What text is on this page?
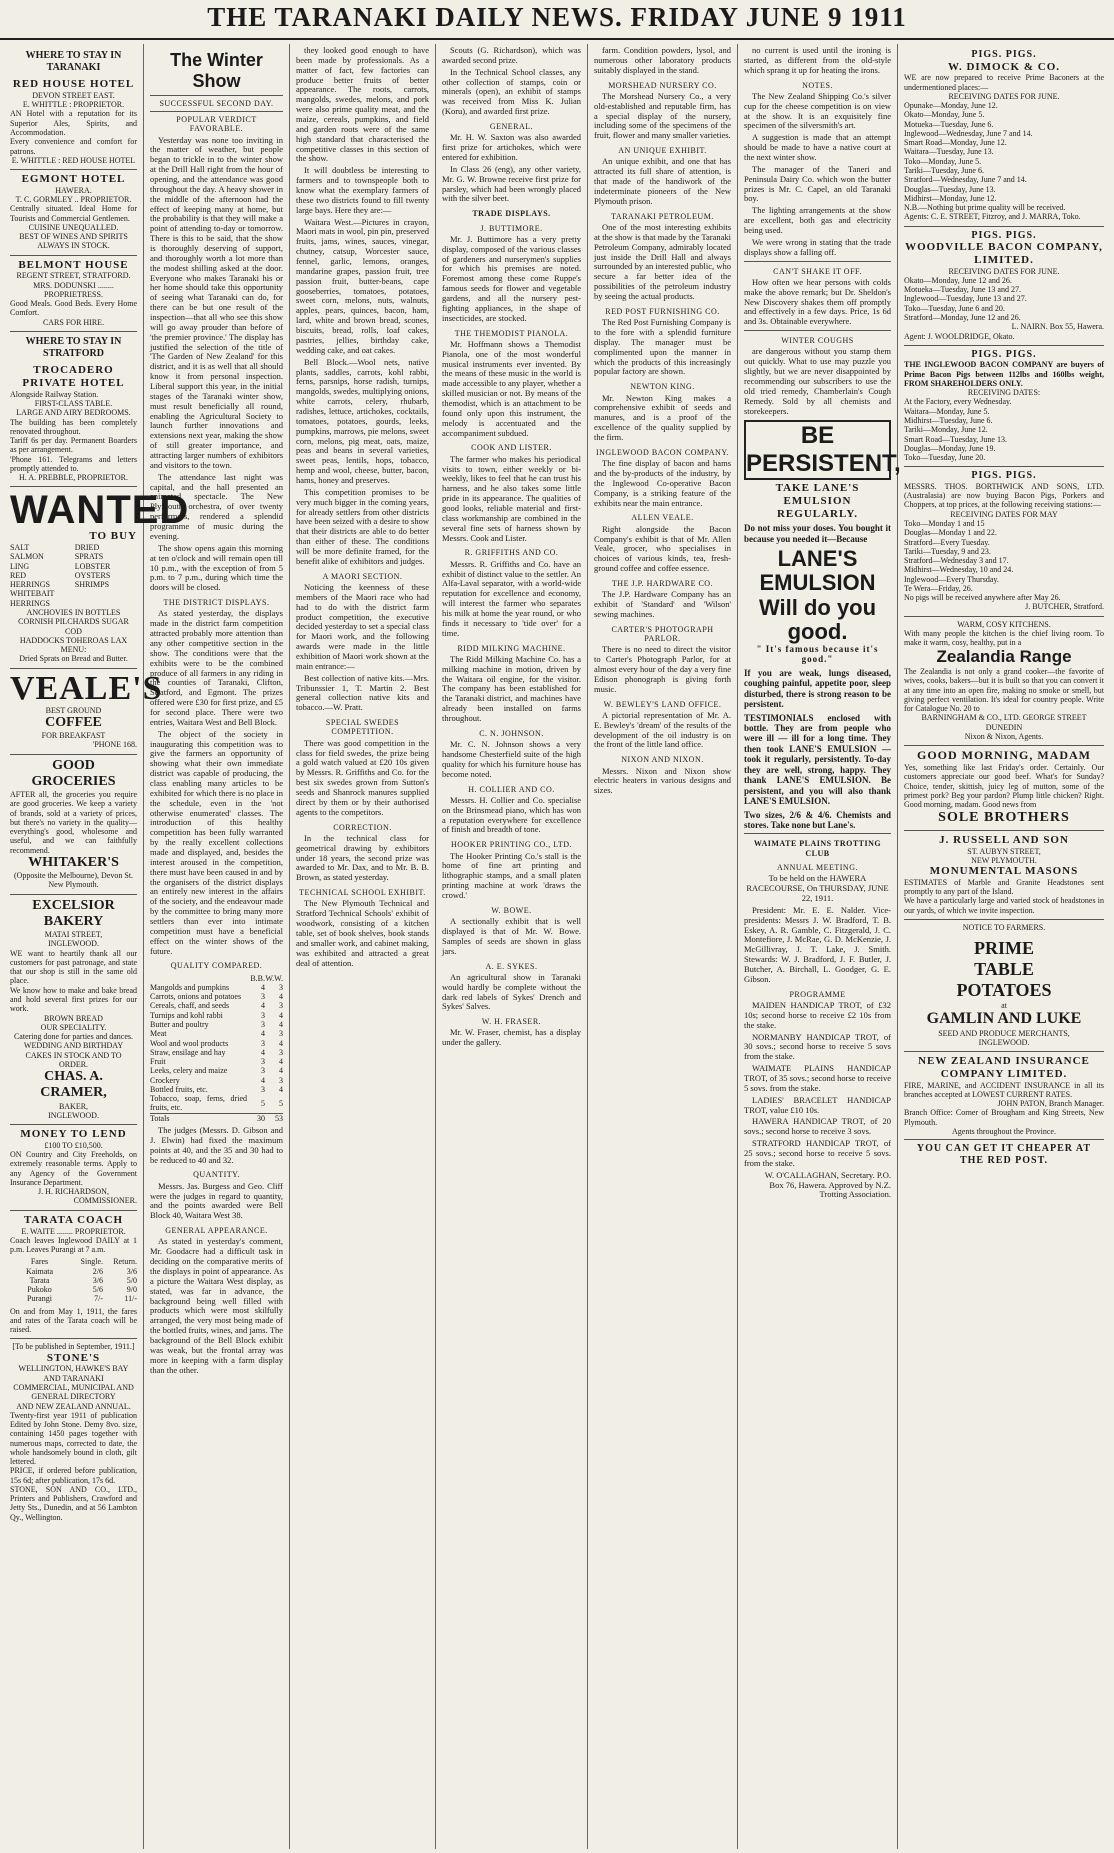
THE TARANAKI DAILY NEWS. FRIDAY JUNE 9 1911
WHERE TO STAY IN TARANAKI
RED HOUSE HOTEL
DEVON STREET EAST.
E. WHITTLE : PROPRIETOR.
AN Hotel with a reputation for its Superior Ales, Spirits, and Accommodation.
Every convenience and comfort for patrons.
E. WHITTLE : RED HOUSE HOTEL
EGMONT HOTEL
HAWERA.
T. C. GORMLEY .. PROPRIETOR.
Centrally situated. Ideal Home for Tourists and Commercial Gentlemen.
CUISINE UNEQUALLED.
BEST OF WINES AND SPIRITS ALWAYS IN STOCK.
BELMONT HOUSE
REGENT STREET, STRATFORD.
MRS. DODUNSKI ........ PROPRIETRESS.
Good Meals. Good Beds. Every Home Comfort.
CARS FOR HIRE.
WHERE TO STAY IN STRATFORD
TROCADERO PRIVATE HOTEL
Alongside Railway Station.
FIRST-CLASS TABLE.
LARGE AND AIRY BEDROOMS.
The building has been completely renovated throughout.
Tariff 6s per day. Permanent Boarders as per arrangement.
'Phone 161. Telegrams and letters promptly attended to.
H. A. PREBBLE, PROPRIETOR.
WANTED
TO BUY
SALT SALMON
LING
RED HERRINGS
WHITEBAIT HERRINGS
DRIED SPRATS
LOBSTER
OYSTERS
SHRIMPS
ANCHOVIES IN BOTTLES
CORNISH PILCHARDS SUGAR COD
HADDOCKS TOHEROAS LAX
MENU:
Dried Sprats on Bread and Butter.
VEALE'S
BEST GROUND
COFFEE
FOR BREAKFAST
'PHONE 168.
GOOD GROCERIES
AFTER all, the groceries you require are good groceries. We keep a variety of brands, sold at a variety of prices, but there's no variety in the quality—everything's good, wholesome and useful, and we can faithfully recommend.
WHITAKER'S
(Opposite the Melbourne), Devon St. New Plymouth.
EXCELSIOR BAKERY
MATAI STREET,
INGLEWOOD.
WE want to heartily thank all our customers for past patronage, and state that our shop is still in the same old place.
We know how to make and bake bread and hold several first prizes for our work.
BROWN BREAD
OUR SPECIALITY.
Catering done for parties and dances.
WEDDING AND BIRTHDAY CAKES IN STOCK AND TO ORDER.
CHAS. A. CRAMER,
BAKER,
INGLEWOOD.
MONEY TO LEND
£100 TO £10,500.
ON Country and City Freeholds, on extremely reasonable terms. Apply to any Agency of the Government Insurance Department.
J. H. RICHARDSON,
COMMISSIONER.
TARATA COACH
E. WAITE ........ PROPRIETOR.
Coach leaves Inglewood DAILY at 1 p.m. Leaves Purangi at 7 a.m.
Fares	Single.	Return.
Kaimata	2/6	3/6
Tarata	3/6	5/0
Pukoko	5/6	9/0
Purangi	7/-	11/-
On and from May 1, 1911, the fares and rates of the Tarata coach will be raised.
[To be published in September, 1911.]
STONE'S
WELLINGTON, HAWKE'S BAY AND TARANAKI
COMMERCIAL, MUNICIPAL AND GENERAL DIRECTORY
AND NEW ZEALAND ANNUAL.
Twenty-first year 1911 of publication Edited by John Stone. Demy 8vo. size, containing 1450 pages together with numerous maps, corrected to date, the whole handsomely bound in cloth, gilt lettered.
PRICE, if ordered before publication, 15s 6d; after publication, 17s 6d.
STONE, SON AND CO., LTD., Printers and Publishers, Crawford and Jetty Sts., Dunedin, and at 56 Lambton Qy., Wellington.
The Winter Show
SUCCESSFUL SECOND DAY.
POPULAR VERDICT FAVORABLE.

Yesterday was none too inviting in the matter of weather, but people began to trickle in to the winter show at the Drill Hall right from the hour of opening, and the attendance was good throughout the day. A heavy shower in the middle of the afternoon had the effect of keeping many at home, but the probability is that they will make a point of attending to-day or tomorrow. There is this to be said, that the show is thoroughly deserving of support, and thoroughly worth a lot more than the modest shilling asked at the door. Everyone who makes Taranaki his or her home should take this opportunity of seeing what Taranaki can do, for there can be but one result of the inspection—that all who see this show will go away prouder than before of 'the premier province.' The display has justified the selection of the title of 'The Garden of New Zealand' for this district, and it is as well that all should know it from personal inspection. Liberal support this year, in the initial stages of the Taranaki winter show, must result beneficially all round, enabling the Agricultural Society to launch further innovations and extensions next year, making the show of still greater importance, and attracting larger numbers of exhibitors and visitors to the town.

The attendance last night was capital, and the hall presented an animated spectacle. The New Plymouth orchestra, of over twenty performers, rendered a splendid programme of music during the evening.

The show opens again this morning at ten o'clock and will remain open till 10 p.m., with the exception of from 5 p.m. to 7 p.m., during which time the doors will be closed.

THE DISTRICT DISPLAYS.

As stated yesterday, the displays made in the district farm competition attracted probably more attention than any other competitive section in the show. The conditions were that the exhibits were to be the combined produce of all farmers in any riding in the counties of Taranaki, Clifton, Stratford, and Egmont. The prizes offered were £30 for first prize, and £5 for second place. There were two entries, Waitara West and Bell Block.

The object of the society in inaugurating this competition was to give the farmers an opportunity of showing what their own immediate district was capable of producing, the class enabling many articles to be exhibited for which there is no place in the schedule, even in the 'not otherwise enumerated' classes. The introduction of this healthy competition has been fully warranted by the really excellent collections made and displayed, and, besides the interest aroused in the competition, there must have been caused in and by the organisers of the district displays an entirely new interest in the affairs of the society, and the endeavour made by the committee to bring many more settlers than ever into intimate competition must have a beneficial effect on the winter shows of the future.

QUALITY COMPARED.
	B.B.	W.W.
Mangolds and pumpkins	4	3
Carrots, onions and potatoes	3	4
Cereals, chaff, and seeds	4	3
Turnips and kohl rabbi	3	4
Butter and poultry	3	4
Meat	4	3
Wool and wool products	3	4
Straw, ensilage and hay	4	3
Fruit	3	4
Leeks, celery and maize	3	4
Crockery	4	3
Bottled fruits, etc.	3	4
Tobacco, soap, ferns, dried fruits, etc.	5	5
Totals	30	53

The judges (Messrs. D. Gibson and J. Elwin) had fixed the maximum points at 40, and the 35 and 30 had to be reduced to 40 and 32.

QUANTITY.

Messrs. Jas. Burgess and Geo. Cliff were the judges in regard to quantity, and the points awarded were Bell Block 40, Waitara West 38.

GENERAL APPEARANCE.

As stated in yesterday's comment, Mr. Goodacre had a difficult task in deciding on the comparative merits of the displays in point of appearance. As a picture the Waitara West display, as stated, was far in advance, the background being well filled with products which were most skilfully arranged, the very most being made of the bottled fruits, wines, and jams. The background of the Bell Block exhibit was weak, but the frontal array was more in keeping with a farm display than the other.

they looked good enough to have been made by professionals. As a matter of fact, few factories can produce better fruits of better appearance. The roots, carrots, mangolds, swedes, melons, and pork were also prime quality meat, and the maize, cereals, pumpkins, and field and garden roots were of the same high standard that characterised the competitive classes in this section of the show.

It will doubtless be interesting to farmers and to townspeople both to know what the exemplary farmers of these two districts found to fill twenty large bays. Here they are:—

Waitara West.—Pictures in crayon, Maori mats in wool, pin pin, preserved fruits, jams, wines, sauces, vinegar, chutney, catsup, Worcester sauce, fennel, garlic, lemons, oranges, mandarine grapes, passion fruit, tree passion fruit, butter-beans, cape gooseberries, tomatoes, potatoes, sweet corn, melons, nuts, walnuts, apples, pears, quinces, bacon, ham, lard, white and brown bread, scones, biscuits, bread, rolls, loaf cakes, pastries, jellies, birthday cake, wedding cake, and oat cakes.

Bell Block.—Wool nets, native plants, saddles, carrots, kohl rabbi, ferns, parsnips, horse radish, turnips, mangolds, swedes, multiplying onions, white carrots, celery, rhubarb, radishes, lettuce, artichokes, cocktails, tomatoes, potatoes, gourds, leeks, pumpkins, marrows, pie melons, sweet corn, melons, pig meat, oats, maize, peas and beans in several varieties, sweet peas, lentils, hops, tobacco, hemp and wool, cheese, butter, bacon, hams, honey and preserves.

This competition promises to be very much bigger in the coming years, for already settlers from other districts have been seized with a desire to show that their districts are able to do better than either of these. The conditions will be more definite framed, for the benefit alike of exhibitors and judges.

A MAORI SECTION.

Noticing the keenness of these members of the Maori race who had had to do with the district farm product competition, the executive decided yesterday to set a special class for Maori work, and the following awards were made in the little exhibition of Maori work shown at the main entrance:—

Best collection of native kits.—Mrs. Tribunssier 1, T. Martin 2. Best general collection native kits and tobacco.—W. Pratt.

SPECIAL SWEDES COMPETITION.

There was good competition in the class for field swedes, the prize being a gold watch valued at £20 10s given by Messrs. R. Griffiths and Co. for the best six swedes grown from Sutton's seeds and Shanrock manures supplied direct by them or by their authorised agents to the competitors.

CORRECTION.

In the technical class for geometrical drawing by exhibitors under 18 years, the second prize was awarded to Mr. Dax, and to Mr. B. B. Brown, as stated yesterday.

TECHNICAL SCHOOL EXHIBIT.

The New Plymouth Technical and Stratford Technical Schools' exhibit of woodwork, consisting of a kitchen table, set of book shelves, book stands and smaller work, and cabinet making, was exhibited and attracted a great deal of attention.

Scouts (G. Richardson), which was awarded second prize.

In the Technical School classes, any other collection of stamps, coin or minerals (open), an exhibit of stamps was received from Miss K. Julian (Koru), and awarded first prize.

GENERAL.

Mr. H. W. Saxton was also awarded first prize for artichokes, which were entered for exhibition.

In Class 26 (eng), any other variety, Mr. G. W. Browne receive first prize for parsley, which had been wrongly placed with the silver beet.

TRADE DISPLAYS.
J. BUTTIMORE.

Mr. J. Buttimore has a very pretty display, composed of the various classes of gardeners and nurserymen's supplies for which his premises are noted. Foremost among these come Ruppe's famous seeds for flower and vegetable gardens, and all the nursery pest-fighting appliances, in the shape of insecticides, are stocked.

THE THEMODIST PIANOLA.

Mr. Hoffmann shows a Themodist Pianola, one of the most wonderful musical instruments ever invented. By the means of these music in the world is made accessible to any player, whether a skilled musician or not. By means of the themodist, which is an attachment to be found only upon this instrument, the melody is accentuated and the accompaniment subdued.

COOK AND LISTER.

The farmer who makes his periodical visits to town, either weekly or bi-weekly, likes to feel that he can trust his harness, and he also takes some little pride in its appearance. The qualities of good looks, reliable material and first-class workmanship are combined in the several fine sets of harness shown by Messrs. Cook and Lister.

R. GRIFFITHS AND CO.

Messrs. R. Griffiths and Co. have an exhibit of distinct value to the settler. An Alfa-Laval separator, with a world-wide reputation for excellence and economy, will interest the farmer who separates his milk at home the year round, or who finds it necessary to 'tide over' for a time.

RIDD MILKING MACHINE.

The Ridd Milking Machine Co. has a milking machine in motion, driven by the Waitara oil engine, for the visitor. The company has been established for the Taranaki district, and machines have already been installed on farms throughout.

C. N. JOHNSON.

Mr. C. N. Johnson shows a very handsome Chesterfield suite of the high quality for which his furniture house has become noted.

H. COLLIER AND CO.

Messrs. H. Collier and Co. specialise on the Brinsmead piano, which has won a reputation everywhere for excellence of finish and breadth of tone.

HOOKER PRINTING CO., LTD.

The Hooker Printing Co.'s stall is the home of fine art printing and lithographic stamps, and a small platen printing machine at work 'draws the crowd.'

W. BOWE.

A sectionally exhibit that is well displayed is that of Mr. W. Bowe. Samples of seeds are shown in glass jars.

A. E. SYKES.

An agricultural show in Taranaki would hardly be complete without the dark red labels of Sykes' Drench and Sykes' Salves.

W. H. FRASER.

Mr. W. Fraser, chemist, has a display under the gallery.

farm. Condition powders, lysol, and numerous other laboratory products suitably displayed in the stand.

MORSHEAD NURSERY CO.

The Morshead Nursery Co., a very old-established and reputable firm, has a special display of the nursery, including some of the specimens of the fruit, flower and many smaller varieties.

AN UNIQUE EXHIBIT.

An unique exhibit, and one that has attracted its full share of attention, is that made of the handiwork of the indeterminate pioneers of the New Plymouth prison.

TARANAKI PETROLEUM.

One of the most interesting exhibits at the show is that made by the Taranaki Petroleum Company, admirably located just inside the Drill Hall and always surrounded by an interested public, who secure a far better idea of the possibilities of the petroleum industry by seeing the actual products.

RED POST FURNISHING CO.

The Red Post Furnishing Company is to the fore with a splendid furniture display. The manager must be complimented upon the manner in which the products of this increasingly popular factory are shown.

NEWTON KING.

Mr. Newton King makes a comprehensive exhibit of seeds and manures, and is a proof of the excellence of the quality supplied by the firm.

INGLEWOOD BACON COMPANY.

The fine display of bacon and hams and the by-products of the industry, by the Inglewood Co-operative Bacon Company, is a striking feature of the exhibits near the main entrance.

ALLEN VEALE.

Right alongside the Bacon Company's exhibit is that of Mr. Allen Veale, grocer, who specialises in choices of various kinds, tea, fresh-ground coffee and coffee essence.

THE J.P. HARDWARE CO.

The J.P. Hardware Company has an exhibit of 'Standard' and 'Wilson' sewing machines.

CARTER'S PHOTOGRAPH PARLOR.

There is no need to direct the visitor to Carter's Photograph Parlor, for at almost every hour of the day a very fine Edison phonograph is giving forth music.

W. BEWLEY'S LAND OFFICE.

A pictorial representation of Mr. A. E. Bewley's 'dream' of the results of the development of the oil industry is on the front of the little land office.

NIXON AND NIXON.

Messrs. Nixon and Nixon show electric heaters in various designs and sizes.

no current is used until the ironing is started, as different from the old-style which sprang it up for heating the irons.

NOTES.

The New Zealand Shipping Co.'s silver cup for the cheese competition is on view at the show. It is an exquisitely fine specimen of the silversmith's art.

A suggestion is made that an attempt should be made to have a native court at the next winter show.

The manager of the Taneri and Peninsula Dairy Co. which won the butter prizes is Mr. C. Capel, an old Taranaki boy.

The lighting arrangements at the show are excellent, both gas and electricity being used.

We were wrong in stating that the trade displays show a falling off.

CAN'T SHAKE IT OFF.

How often we hear persons with colds make the above remark; but Dr. Sheldon's New Discovery shakes them off promptly and effectively in a few days. Price, 1s 6d and 3s. Obtainable everywhere.

WINTER COUGHS

are dangerous without you stamp them out quickly. What to use may puzzle you slightly, but we are never disappointed by recommending our subscribers to use the old tried remedy, Chamberlain's Cough Remedy. Sold by all chemists and storekeepers.

BE PERSISTENT,
TAKE LANE'S EMULSION
REGULARLY.

Do not miss your doses. You bought it because you needed it—Because

LANE'S EMULSION Will do you good.
" It's famous because it's good."

If you are weak, lungs diseased, coughing painful, appetite poor, sleep disturbed, there is strong reason to be persistent.

TESTIMONIALS enclosed with bottle. They are from people who were ill — ill for a long time. They then took LANE'S EMULSION — took it regularly, persistently. To-day they are well, strong, happy. They thank LANE'S EMULSION. Be persistent, and you will also thank LANE'S EMULSION.

Two sizes, 2/6 & 4/6. Chemists and stores. Take none but Lane's.

WAIMATE PLAINS TROTTING CLUB
ANNUAL MEETING.

To be held on the HAWERA RACECOURSE, On THURSDAY, JUNE 22, 1911.

President: Mr. E. E. Nalder. Vice-presidents: Messrs J. W. Bradford, T. B. Eskey, A. R. Gamble, C. Fitzgerald, J. C. Montefiore, J. McRae, G. D. McKenzie, J. McGillivray, J. T. Lake, J. Smith. Stewards: W. J. Bradford, J. F. Butler, J. Butcher, A. Birchall, L. Goodger, G. E. Gibson.

PROGRAMME

MAIDEN HANDICAP TROT, of £32 10s; second horse to receive £2 10s from the stake.

NORMANBY HANDICAP TROT, of 30 sovs.; second horse to receive 5 sovs from the stake.

WAIMATE PLAINS HANDICAP TROT, of 35 sovs.; second horse to receive 5 sovs. from the stake.

LADIES' BRACELET HANDICAP TROT, value £10 10s.

HAWERA HANDICAP TROT, of 20 sovs.; second horse to receive 3 sovs.

STRATFORD HANDICAP TROT, of 25 sovs.; second horse to receive 5 sovs. from the stake.

W. O'CALLAGHAN, Secretary. P.O. Box 76, Hawera. Approved by N.Z. Trotting Association.

PIGS. PIGS.
W. DIMOCK & CO.
WE are now prepared to receive Prime Baconers at the undermentioned places:—
RECEIVING DATES FOR JUNE.
Opunake—Monday, June 12.
Okato—Monday, June 5.
Motueka—Tuesday, June 6.
Inglewood—Wednesday, June 7 and 14.
Smart Road—Monday, June 12.
Waitara—Tuesday, June 13.
Toko—Monday, June 5.
Tariki—Tuesday, June 6.
Stratford—Wednesday, June 7 and 14.
Douglas—Tuesday, June 13.
Midhirst—Monday, June 12.
N.B.—Nothing but prime quality will be received.
Agents: C. E. STREET, Fitzroy, and J. MARRA, Toko.
PIGS. PIGS.
WOODVILLE BACON COMPANY, LIMITED.
RECEIVING DATES FOR JUNE.
Okato—Monday, June 12 and 26.
Motueka—Tuesday, June 13 and 27.
Inglewood—Tuesday, June 13 and 27.
Toko—Tuesday, June 6 and 20.
Stratford—Monday, June 12 and 26.
L. NAIRN. Box 55, Hawera.
Agent: J. WOOLDRIDGE, Okato.
PIGS. PIGS.
THE INGLEWOOD BACON COMPANY are buyers of Prime Bacon Pigs between 112lbs and 160lbs weight, FROM SHAREHOLDERS ONLY.
RECEIVING DATES:
At the Factory, every Wednesday.
Waitara—Monday, June 5.
Midhirst—Tuesday, June 6.
Tariki—Monday, June 12.
Smart Road—Tuesday, June 13.
Douglas—Monday, June 19.
Toko—Tuesday, June 20.
PIGS. PIGS.
MESSRS. THOS. BORTHWICK AND SONS, LTD. (Australasia) are now buying Bacon Pigs, Porkers and Choppers, at top prices, at the following receiving stations:—
RECEIVING DATES FOR MAY
Toko—Monday 1 and 15
Douglas—Monday 1 and 22.
Stratford—Every Tuesday.
Tariki—Tuesday, 9 and 23.
Stratford—Wednesday 3 and 17.
Midhirst—Wednesday, 10 and 24.
Inglewood—Every Thursday.
Te Wera—Friday, 26.
No pigs will be received anywhere after May 26.
J. BUTCHER, Stratford.
WARM, COSY KITCHENS.
With many people the kitchen is the chief living room. To make it warm, cosy, healthy, put in a
Zealandia Range
The Zealandia is not only a grand cooker—the favorite of wives, cooks, bakers—but it is built so that you can convert it at any time into an open fire, making no smoke or smell, but giving perfect ventilation. It's ideal for country people. Write for Catalogue No. 20 to
BARNINGHAM & CO., LTD. GEORGE STREET DUNEDIN
Nixon & Nixon, Agents.
GOOD MORNING, MADAM
Yes, something like last Friday's order. Certainly. Our customers appreciate our good beef. What's for Sunday? Choice, tender, skittish, juicy leg of mutton, some of the primest pork? Beg your pardon? Plump little chicken? Right. Good morning, madam. Good news from
SOLE BROTHERS
J. RUSSELL AND SON
ST. AUBYN STREET,
NEW PLYMOUTH.
MONUMENTAL MASONS
ESTIMATES of Marble and Granite Headstones sent promptly to any part of the Island.
We have a particularly large and varied stock of headstones in our yards, of which we invite inspection.
NOTICE TO FARMERS.
PRIME
TABLE
POTATOES
at
GAMLIN AND LUKE
SEED AND PRODUCE MERCHANTS,
INGLEWOOD.
NEW ZEALAND INSURANCE COMPANY LIMITED.
FIRE, MARINE, and ACCIDENT INSURANCE in all its branches accepted at LOWEST CURRENT RATES.
JOHN PATON, Branch Manager.
Branch Office: Corner of Brougham and King Streets, New Plymouth.
Agents throughout the Province.
YOU CAN GET IT CHEAPER AT THE RED POST.
